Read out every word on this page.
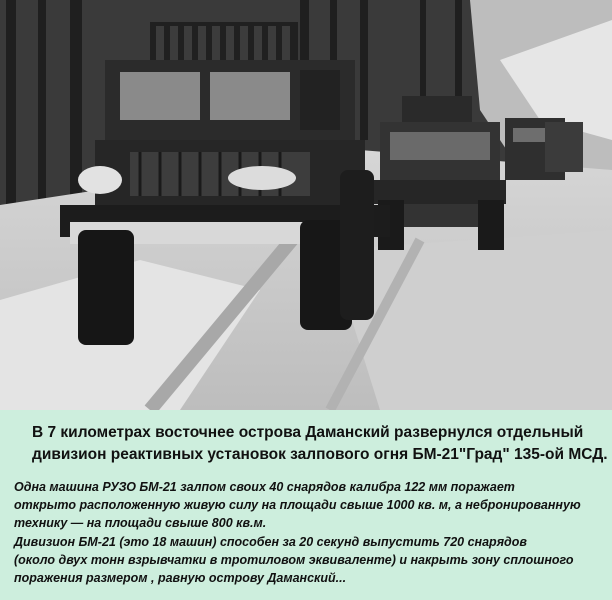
В 7 километрах восточнее острова Даманский развернулся отдельный
дивизион реактивных установок залпового огня БМ-21"Град" 135-ой МСД.
Одна машина РУЗО БМ-21 залпом своих 40 снарядов калибра 122 мм поражает
открыто расположенную живую силу на площади свыше 1000 кв. м, а небронированную
технику — на площади свыше 800 кв.м.
Дивизион БМ-21 (это 18 машин) способен за 20 секунд выпустить 720 снарядов
(около двух тонн взрывчатки в тротиловом эквиваленте) и накрыть зону сплошного
поражения размером , равную острову Даманский...
